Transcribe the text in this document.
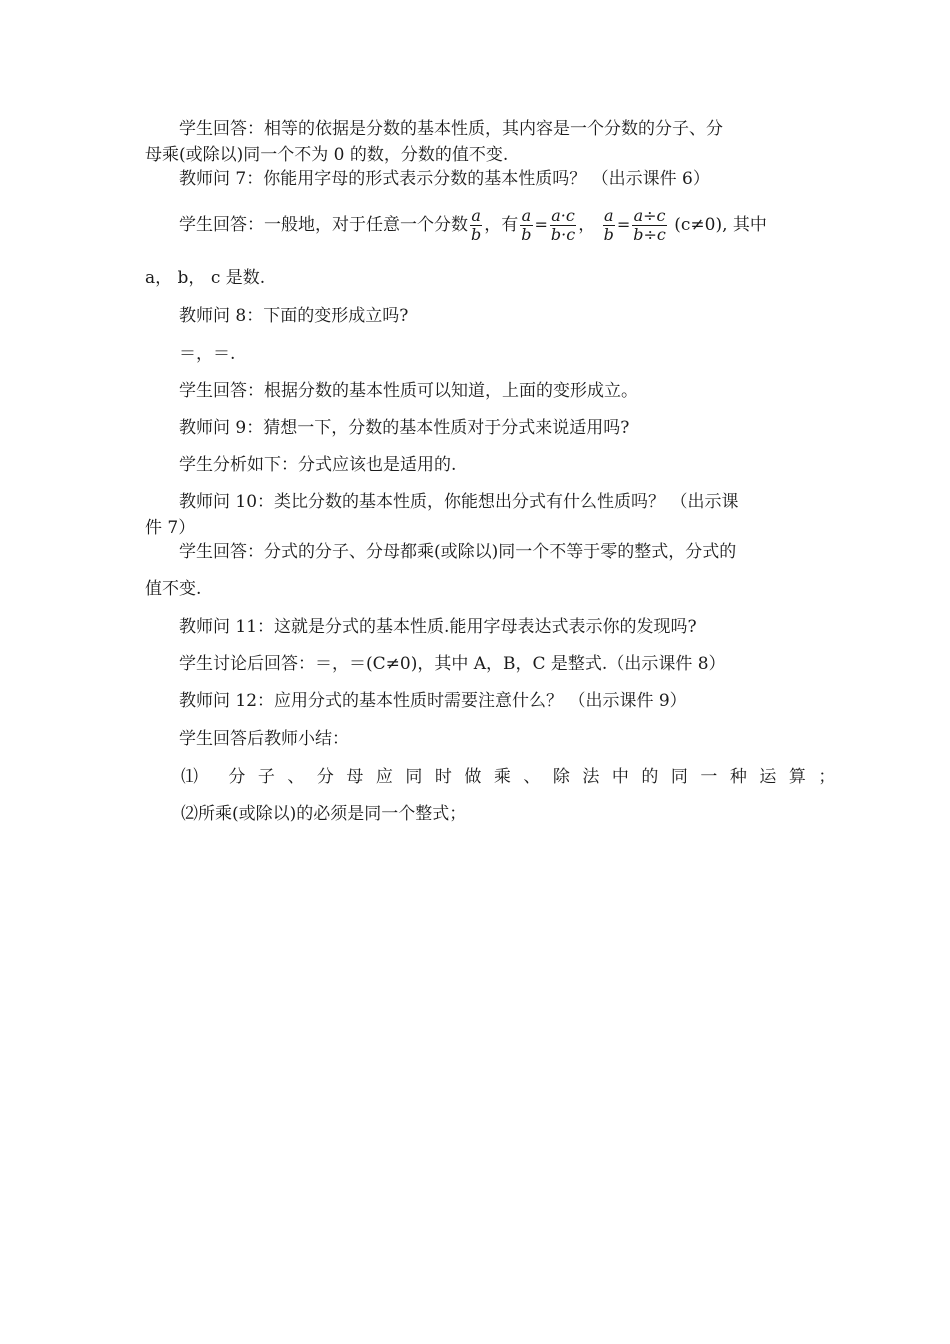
学生回答：相等的依据是分数的基本性质，其内容是一个分数的分子、分
母乘(或除以)同一个不为 0 的数，分数的值不变.
教师问 7：你能用字母的形式表示分数的基本性质吗？ （出示课件 6）
学生回答：一般地，对于任意一个分数 $\frac{a}{b}$ ，有 $\frac{a}{b} = \frac{a\cdot c}{b\cdot c}$ ， $\frac{a}{b} = \frac{a\div c}{b\div c} (c\ne 0)$, 其中
a， b， c 是数.
教师问 8：下面的变形成立吗?
＝，＝.
学生回答：根据分数的基本性质可以知道，上面的变形成立。
教师问 9：猜想一下，分数的基本性质对于分式来说适用吗?
学生分析如下：分式应该也是适用的.
教师问 10：类比分数的基本性质，你能想出分式有什么性质吗？ （出示课
件 7）
学生回答：分式的分子、分母都乘(或除以)同一个不等于零的整式，分式的
值不变.
教师问 11：这就是分式的基本性质.能用字母表达式表示你的发现吗?
学生讨论后回答：＝，＝(C≠0)，其中 A，B，C 是整式.（出示课件 8）
教师问 12：应用分式的基本性质时需要注意什么？ （出示课件 9）
学生回答后教师小结：
⑴ 分子、分母应同时做乘、除法中的同一种运算；
⑵所乘(或除以)的必须是同一个整式；
